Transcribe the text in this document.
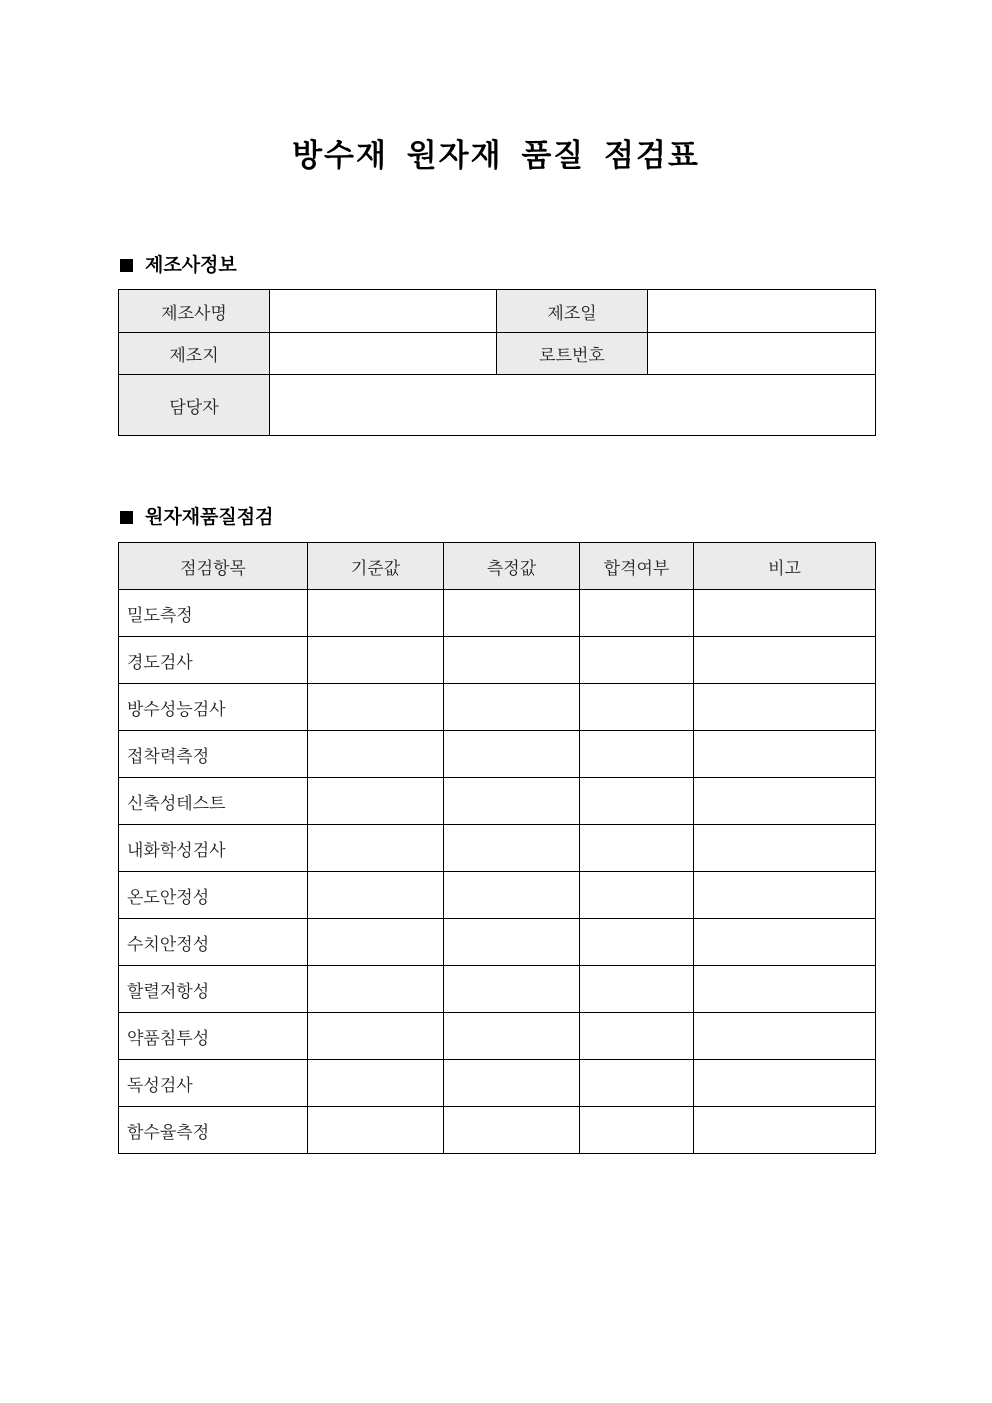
방수재 원자재 품질 점검표
제조사정보
제조사명		제조일	
제조지		로트번호	
담당자			
원자재품질점검
점검항목	기준값	측정값	합격여부	비고
밀도측정				
경도검사				
방수성능검사				
접착력측정				
신축성테스트				
내화학성검사				
온도안정성				
수치안정성				
할렬저항성				
약품침투성				
독성검사				
함수율측정				
